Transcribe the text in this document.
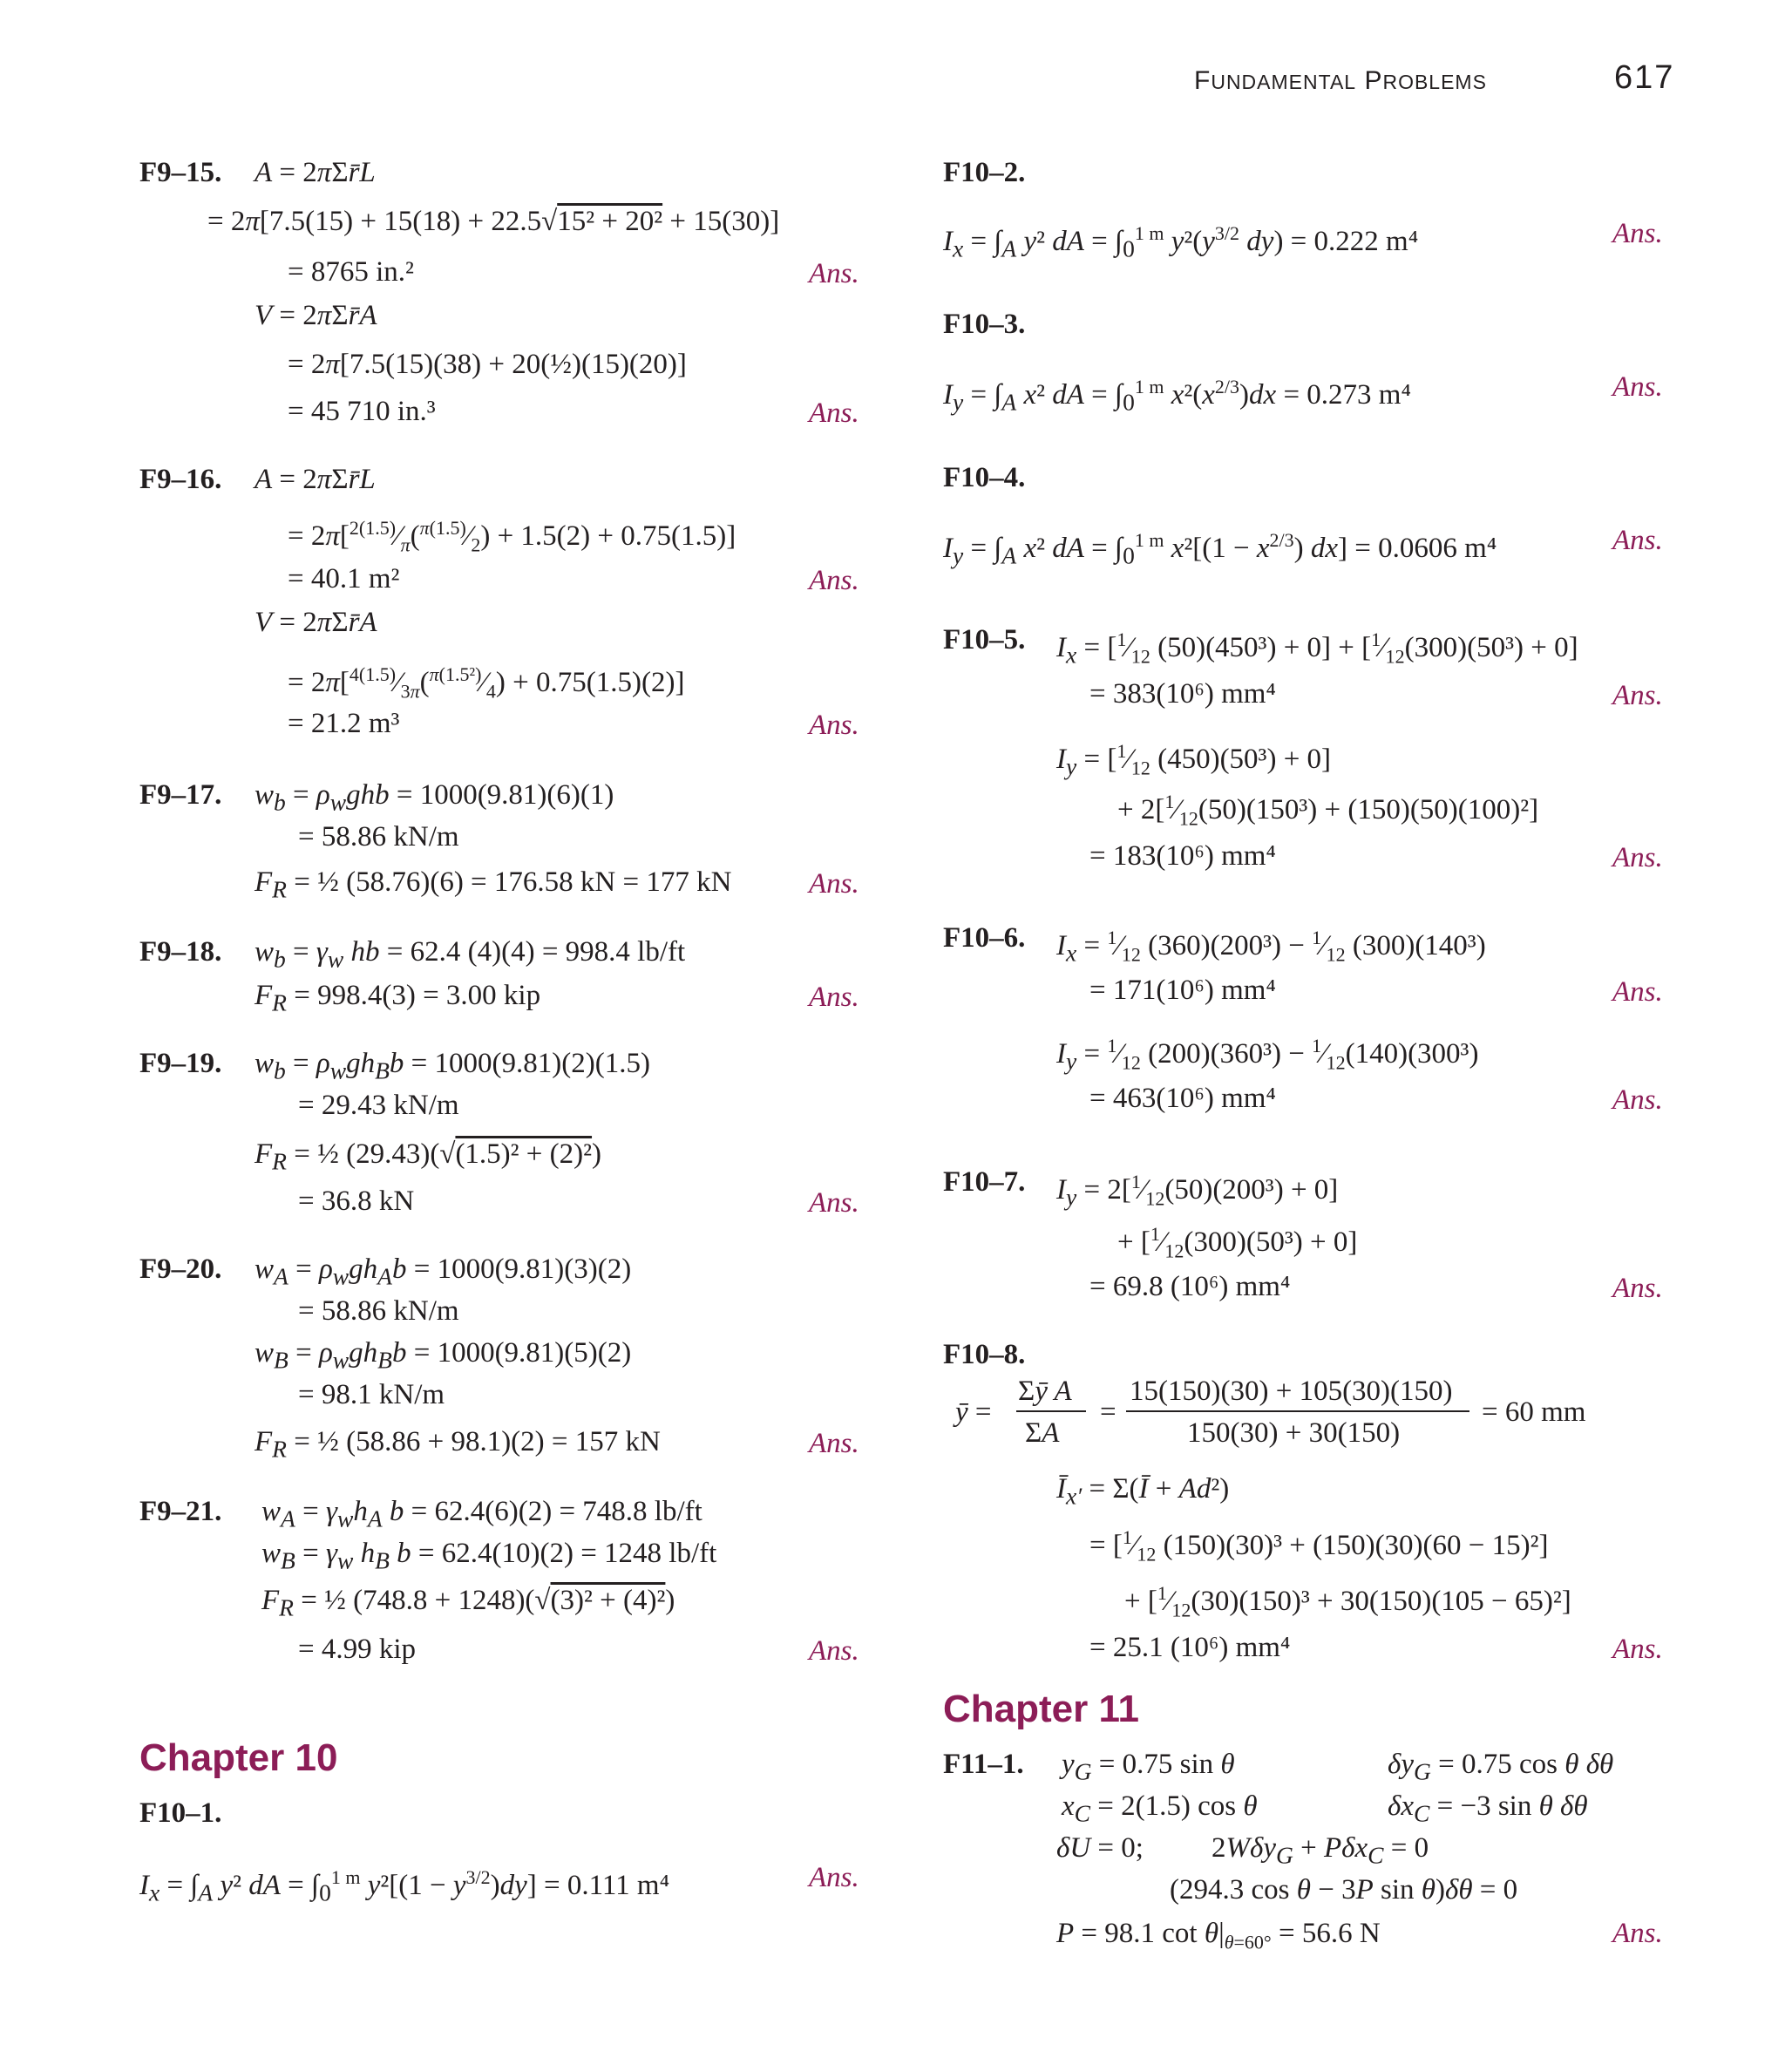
FUNDAMENTAL PROBLEMS	617
F9–15. A = 2πΣr̄L
= 2π[7.5(15) + 15(18) + 22.5√15² + 20² + 15(30)]
= 8765 in.²	Ans.
V = 2πΣr̄A
= 2π[7.5(15)(38) + 20(½)(15)(20)]
= 45 710 in.³	Ans.
F9–16. A = 2πΣr̄L
= $2\pi[^{2(1.5)}⁄_\pi(^{\pi(1.5)}⁄_2) + 1.5(2) + 0.75(1.5)]$
= 40.1 m²	Ans.
V = 2πΣr̄A
= $2\pi[^{4(1.5)}⁄_{3\pi}(^{\pi(1.5^2)}⁄_4) + 0.75(1.5)(2)]$
= 21.2 m³	Ans.
F9–17. $w_b = \rho_wghb = 1000(9.81)(6)(1)$
= 58.86 kN/m
$F_R$ = ½ (58.76)(6) = 176.58 kN = 177 kN	Ans.
F9–18. $w_b = \gamma_w$ hb = 62.4 (4)(4) = 998.4 lb/ft
$F_R = 998.4(3) = 3.00$ kip	Ans.
F9–19. $w_b = \rho_wgh_Bb = 1000(9.81)(2)(1.5)$
= 29.43 kN/m
$F_R$ = ½ (29.43)(√(1.5)² + (2)²)
= 36.8 kN	Ans.
F9–20. $w_A = \rho_wgh_Ab = 1000(9.81)(3)(2)$
= 58.86 kN/m
$w_B = \rho_wgh_Bb = 1000(9.81)(5)(2)$
= 98.1 kN/m
$F_R$ = ½ (58.86 + 98.1)(2) = 157 kN	Ans.
F9–21. $w_A = \gamma_wh_A$ b = 62.4(6)(2) = 748.8 lb/ft
$w_B = \gamma_w$ $h_B$ b = 62.4(10)(2) = 1248 lb/ft
$F_R$ = ½ (748.8 + 1248)(√(3)² + (4)²)
= 4.99 kip	Ans.
Chapter 10
F10–1.
$I_x = \int_A$ y² dA = $\int_0^{1 m}$ $y^2[(1 - y^{3/2})dy] = 0.111$ m⁴	Ans.
F10–2.
$I_x = \int_A$ y² dA = $\int_0^{1 m}$ $y^2(y^{3/2}$ dy) = 0.222 m⁴	Ans.
F10–3.
$I_y = \int_A$ x² dA = $\int_0^{1 m}$ $x^2(x^{2/3})dx = 0.273$ m⁴	Ans.
F10–4.
$I_y = \int_A$ x² dA = $\int_0^{1 m}$ $x^2[(1 - x^{2/3})$ dx] = 0.0606 m⁴	Ans.
F10–5. $I_x$ = [$^1⁄_{12}$ $(50)(450^3) + 0] + [^1⁄_{12}(300)(50^3) + 0]$
= 383(10⁶) mm⁴	Ans.
$I_y$ = [$^1⁄_{12}$ (450)(50³) + 0]
+ $2[^1⁄_{12}(50)(150^3) + (150)(50)(100)^2]$
= 183(10⁶) mm⁴	Ans.
F10–6. $I_x$ = $^1⁄_{12}$ $(360)(200^3) - ^1⁄_{12}$ (300)(140³)
= 171(10⁶) mm⁴	Ans.
$I_y$ = $^1⁄_{12}$ $(200)(360^3) - ^1⁄_{12}(140)(300^3)$
= 463(10⁶) mm⁴	Ans.
F10–7. $I_y$ = $2[^1⁄_{12}(50)(200^3) + 0]$
+ $[^1⁄_{12}(300)(50^3) + 0]$
= 69.8 (10⁶) mm⁴	Ans.
F10–8.
ȳ =
Σȳ A
ΣA
=
15(150)(30) + 105(30)(150)
150(30) + 30(150)
= 60 mm
$Ī_{x'}$ = Σ(Ī + Ad²)
= [$^1⁄_{12}$ (150)(30)³ + (150)(30)(60 − 15)²]
+ $[^1⁄_{12}(30)(150)^3 + 30(150)(105 - 65)^2]$
= 25.1 (10⁶) mm⁴	Ans.
Chapter 11
F11–1. $y_G = 0.75$ sin θ	$\delta y_G = 0.75$ cos θ δθ
$x_C = 2(1.5)$ cos θ	$\delta x_C = -3$ sin θ δθ
δU = 0; 2Wδy$_G$ + Pδx$_C$ = 0
(294.3 cos θ − 3P sin θ)δθ = 0
P = 98.1 $\cot \theta|_{\theta=60^\circ} = 56.6$ N	Ans.
